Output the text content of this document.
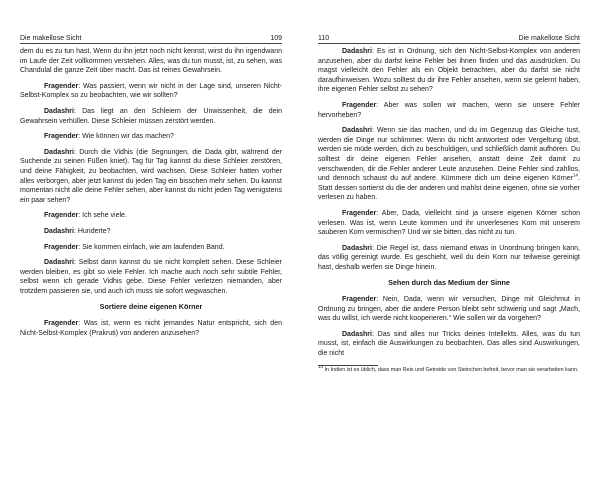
Die makellose Sicht	109

dem du es zu tun hast. Wenn du ihn jetzt noch nicht kennst, wirst du ihn irgendwann im Laufe der Zeit vollkommen verstehen. Alles, was du tun musst, ist, zu sehen, was Chandulal die ganze Zeit über macht. Das ist reines Gewahrsein.

Fragender: Was passiert, wenn wir nicht in der Lage sind, unseren Nicht-Selbst-Komplex so zu beobachten, wie wir sollten?

Dadashri: Das liegt an den Schleiern der Unwissenheit, die dein Gewahrsein verhüllen. Diese Schleier müssen zerstört werden.

Fragender: Wie können wir das machen?

Dadashri: Durch die Vidhis (die Segnungen, die Dada gibt, während der Suchende zu seinen Füßen kniet). Tag für Tag kannst du diese Schleier zerstören, und deine Fähigkeit, zu beobachten, wird wachsen. Diese Schleier hatten vorher alles verborgen, aber jetzt kannst du jeden Tag ein bisschen mehr sehen. Du kannst momentan nicht alle deine Fehler sehen, aber kannst du nicht jeden Tag wenigstens ein paar sehen?

Fragender: Ich sehe viele.

Dadashri: Hunderte?

Fragender: Sie kommen einfach, wie am laufenden Band.

Dadashri: Selbst dann kannst du sie nicht komplett sehen. Diese Schleier werden bleiben, es gibt so viele Fehler. Ich mache auch noch sehr subtile Fehler, selbst wenn ich gerade Vidhis gebe. Diese Fehler verletzen niemanden, aber trotzdem passieren sie, und auch ich muss sie sofort wegwaschen.

Sortiere deine eigenen Körner

Fragender: Was ist, wenn es nicht jemandes Natur entspricht, sich den Nicht-Selbst-Komplex (Prakruti) von anderen anzusehen?

110	Die makellose Sicht

Dadashri: Es ist in Ordnung, sich den Nicht-Selbst-Komplex von anderen anzusehen, aber du darfst keine Fehler bei ihnen finden und das ausdrücken. Du magst vielleicht den Fehler als ein Objekt betrachten, aber du darfst sie nicht daraufhinweisen. Wozu solltest du dir ihre Fehler ansehen, wenn sie gelernt haben, ihre eigenen Fehler selbst zu sehen?

Fragender: Aber was sollen wir machen, wenn sie unsere Fehler hervorheben?

Dadashri: Wenn sie das machen, und du im Gegenzug das Gleiche tust, werden die Dinge nur schlimmer. Wenn du nicht antwortest oder Vergeltung übst, werden sie müde werden, dich zu beschuldigen, und schließlich damit aufhören. Du solltest dir deine eigenen Fehler ansehen, anstatt deine Zeit damit zu verschwenden, dir die Fehler anderer Leute anzusehen. Deine Fehler sind zahllos, und dennoch schaust du auf andere. Kümmere dich um deine eigenen Körner$^{14}$. Statt dessen sortierst du die der anderen und mahlst deine eigenen, ohne sie vorher verlesen zu haben.

Fragender: Aber, Dada, vielleicht sind ja unsere eigenen Körner schon verlesen. Was ist, wenn Leute kommen und ihr unverlesenes Korn mit unserem sauberen Korn vermischen? Und wir sie bitten, das nicht zu tun.

Dadashri: Die Regel ist, dass niemand etwas in Unordnung bringen kann, das völlig gereinigt wurde. Es geschieht, weil du dein Korn nur teilweise gereinigt hast, deshalb werfen sie Dinge hinein.

Sehen durch das Medium der Sinne

Fragender: Nein, Dada, wenn wir versuchen, Dinge mit Gleichmut in Ordnung zu bringen, aber die andere Person bleibt sehr schwierig und sagt „Mach, was du willst, ich werde nicht kooperieren.“ Wie sollen wir da vorgehen?

Dadashri: Das sind alles nur Tricks deines Intellekts. Alles, was du tun musst, ist, einfach die Auswirkungen zu beobachten. Das alles sind Auswirkungen, die nicht

$^{14}$ In Indien ist es üblich, dass man Reis und Getreide von Steinchen befreit, bevor man sie verarbeiten kann.
